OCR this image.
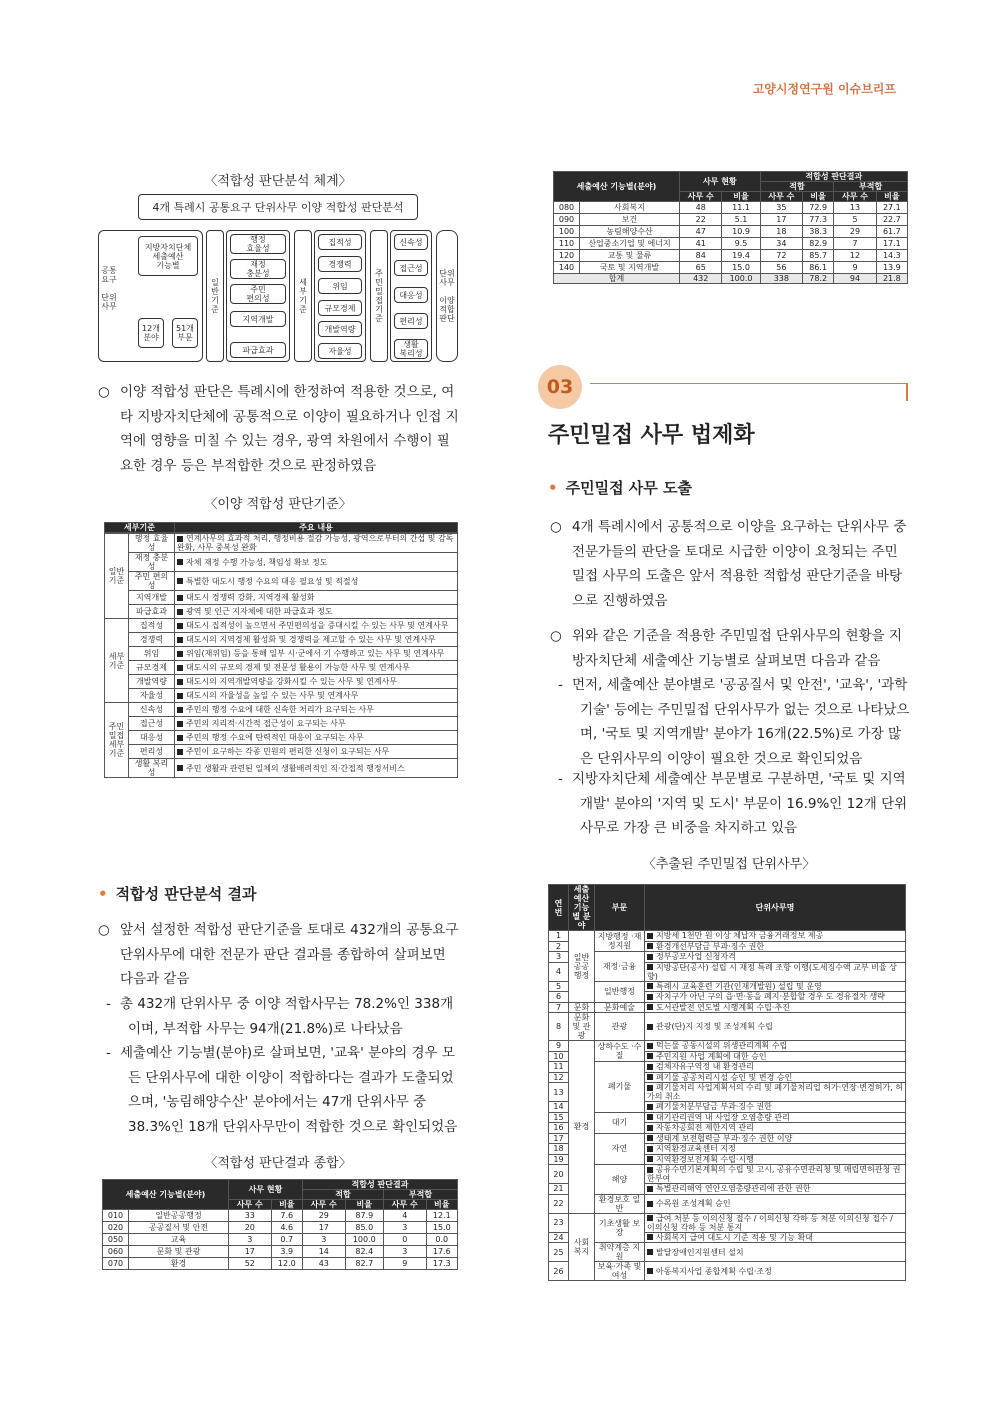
고양시정연구원 이슈브리프
〈적합성 판단분석 체계〉
4개 특례시 공통요구 단위사무 이양 적합성 판단분석
공통
요구

단위
사무
지방자치단체
세출예산
기능별
12개
분야
51개
부문
일
반
기
준
행정
효율성
재정
충분성
주민
편의성
지역개발
파급효과
세
부
기
준
집적성
경쟁력
위임
규모경제
개발역량
자율성
주
민
밀
접
기
준
신속성
접근성
대응성
편리성
생활
복리성
단위
사무

이양
적합
판단
○ 이양 적합성 판단은 특례시에 한정하여 적용한 것으로, 여타 지방자치단체에 공통적으로 이양이 필요하거나 인접 지역에 영향을 미칠 수 있는 경우, 광역 차원에서 수행이 필요한 경우 등은 부적합한 것으로 판정하였음
〈이양 적합성 판단기준〉
세부기준	주요 내용
일반기준	행정 효율성	연계사무의 효과적 처리, 행정비용 절감 가능성, 광역으로부터의 간섭 및 감독 완화, 사무 중복성 완화
	재정 충분성	자체 재정 수행 가능성, 책임성 확보 정도
	주민 편의성	특별한 대도시 행정 수요의 대응 필요성 및 적절성
	지역개발	대도시 경쟁력 강화, 지역경제 활성화
	파급효과	광역 및 인근 지자체에 대한 파급효과 정도
세부기준	집적성	대도시 집적성이 높으면서 주민편의성을 증대시킬 수 있는 사무 및 연계사무
	경쟁력	대도시의 지역경제 활성화 및 경쟁력을 제고할 수 있는 사무 및 연계사무
	위임	위임(재위임) 등을 통해 일부 시·군에서 기 수행하고 있는 사무 및 연계사무
	규모경제	대도시의 규모의 경제 및 전문성 활용이 가능한 사무 및 연계사무
	개발역량	대도시의 지역개발역량을 강화시킬 수 있는 사무 및 연계사무
	자율성	대도시의 자율성을 높일 수 있는 사무 및 연계사무
주민밀접 세부기준	신속성	주민의 행정 수요에 대한 신속한 처리가 요구되는 사무
	접근성	주민의 지리적·시간적 접근성이 요구되는 사무
	대응성	주민의 행정 수요에 탄력적인 대응이 요구되는 사무
	편리성	주민이 요구하는 각종 민원의 편리한 신청이 요구되는 사무
	생활 복리성	주민 생활과 관련된 일체의 생활배려적인 직·간접적 행정서비스
• 적합성 판단분석 결과
○ 앞서 설정한 적합성 판단기준을 토대로 432개의 공통요구 단위사무에 대한 전문가 판단 결과를 종합하여 살펴보면 다음과 같음
- 총 432개 단위사무 중 이양 적합사무는 78.2%인 338개이며, 부적합 사무는 94개(21.8%)로 나타났음
- 세출예산 기능별(분야)로 살펴보면, '교육' 분야의 경우 모든 단위사무에 대한 이양이 적합하다는 결과가 도출되었으며, '농림해양수산' 분야에서는 47개 단위사무 중 38.3%인 18개 단위사무만이 적합한 것으로 확인되었음
〈적합성 판단결과 종합〉
세출예산 기능별(분야)		사무 현황		적합성 판단결과			
				적합		부적합	
		사무 수	비율	사무 수	비율	사무 수	비율
010	일반공공행정	33	7.6	29	87.9	4	12.1
020	공공질서 및 안전	20	4.6	17	85.0	3	15.0
050	교육	3	0.7	3	100.0	0	0.0
060	문화 및 관광	17	3.9	14	82.4	3	17.6
070	환경	52	12.0	43	82.7	9	17.3
세출예산 기능별(분야)		사무 현황		적합성 판단결과			
				적합		부적합	
		사무 수	비율	사무 수	비율	사무 수	비율
080	사회복지	48	11.1	35	72.9	13	27.1
090	보건	22	5.1	17	77.3	5	22.7
100	농림해양수산	47	10.9	18	38.3	29	61.7
110	산업중소기업 및 에너지	41	9.5	34	82.9	7	17.1
120	교통 및 물류	84	19.4	72	85.7	12	14.3
140	국토 및 지역개발	65	15.0	56	86.1	9	13.9
합계		432	100.0	338	78.2	94	21.8
03
주민밀접 사무 법제화
• 주민밀접 사무 도출
○ 4개 특례시에서 공통적으로 이양을 요구하는 단위사무 중 전문가들의 판단을 토대로 시급한 이양이 요청되는 주민밀접 사무의 도출은 앞서 적용한 적합성 판단기준을 바탕으로 진행하였음
○ 위와 같은 기준을 적용한 주민밀접 단위사무의 현황을 지방자치단체 세출예산 기능별로 살펴보면 다음과 같음
- 먼저, 세출예산 분야별로 '공공질서 및 안전', '교육', '과학기술' 등에는 주민밀접 단위사무가 없는 것으로 나타났으며, '국토 및 지역개발' 분야가 16개(22.5%)로 가장 많은 단위사무의 이양이 필요한 것으로 확인되었음
- 지방자치단체 세출예산 부문별로 구분하면, '국토 및 지역개발' 분야의 '지역 및 도시' 부문이 16.9%인 12개 단위사무로 가장 큰 비중을 차지하고 있음
〈추출된 주민밀접 단위사무〉
연번	세출예산 기능별 분야	부문	단위사무명
1	일반 공공 행정	지방행정 ·재정지원	지방세 1천만 원 이상 체납자 금융거래정보 제공
2			환경개선부담금 부과·징수 권한
3		재정·금융	정부공모사업 신청자격
4			지방공단(공사) 설립 시 재정 특례 조항 이행(도세징수액 교부 비율 상향)
5		일반행정	특례시 교육훈련 기관(인재개발원) 설립 및 운영
6			자치구가 아닌 구의 읍·면·동을 폐지·분합할 경우 도 경유절차 생략
7	문화	문화예술	도서관발전 연도별 시행계획 수립·추진
8	문화 및 관광	관광	관광(단)지 지정 및 조성계획 수립
9	환경	상하수도 ·수질	먹는물 공동시설의 위생관리계획 수립
10			주민지원 사업 계획에 대한 승인
11		폐기물	검체자유구역정 내 환경관리
12			폐기물 공공처리시설 승인 및 변경 승인
13			폐기물처리 사업계획서의 수리 및 폐기물처리업 허가·연장·변경허가, 허가의 취소
14			폐기물처분부담금 부과·징수 권한
15		대기	대기관리권역 내 사업장 오염총량 관리
16			자동차공회전 제한지역 관리
17		자연	생태계 보전협력금 부과·징수 권한 이양
18			지역환경교육센터 지정
19			지역환경보전계획 수립·시행
20		해양	공유수면기본계획의 수립 및 고시, 공유수면관리청 및 매립면허관청 권한부여
21			특별관리해역 연안오염총량관리에 관한 권한
22		환경보호 일반	수목원 조성계획 승인
23	사회 복지	기초생활 보장	급여 처분 등 이의신청 접수 / 이의신청 각하 등 처분 이의신청 접수 / 이의신청 각하 등 처분 통지
24			사회복지 급여 대도시 기준 적용 및 기능 확대
25		취약계층 지원	발달장애인지원센터 설치
26		보육·가족 및 여성	아동복지사업 종합계획 수립·조정
